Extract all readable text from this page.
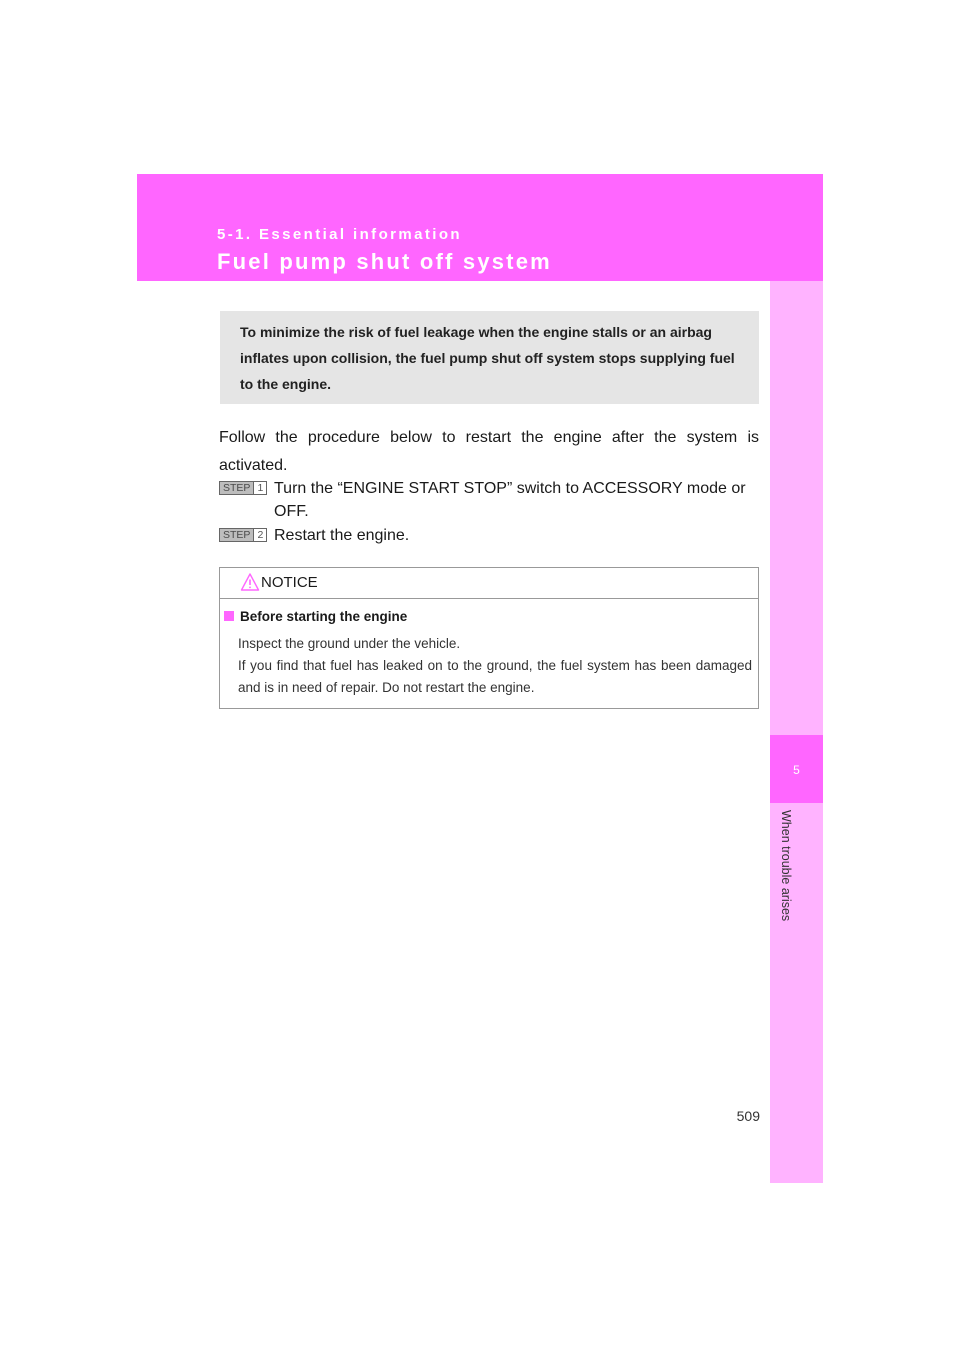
5-1. Essential information
Fuel pump shut off system
5
When trouble arises
To minimize the risk of fuel leakage when the engine stalls or an airbag inflates upon collision, the fuel pump shut off system stops supplying fuel to the engine.
Follow the procedure below to restart the engine after the system is activated.
STEP 1 Turn the “ENGINE START STOP” switch to ACCESSORY mode or OFF.
STEP 2 Restart the engine.
NOTICE
Before starting the engine

Inspect the ground under the vehicle.

If you find that fuel has leaked on to the ground, the fuel system has been damaged and is in need of repair. Do not restart the engine.

509
